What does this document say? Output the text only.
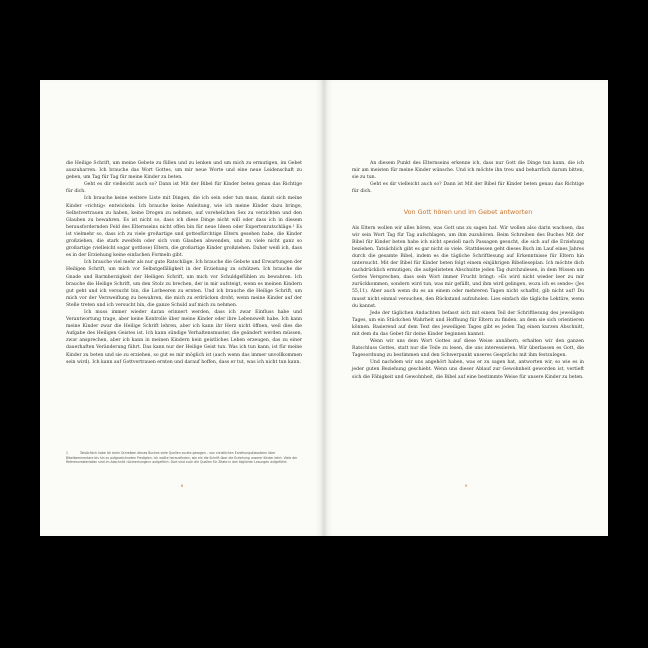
die Heilige Schrift, um meine Gebete zu füllen und zu lenken und um mich zu ermutigen, im Gebet auszuharren. Ich brauche das Wort Gottes, um mir neue Worte und eine neue Leidenschaft zu geben, um Tag für Tag für meine Kinder zu beten.

Geht es dir vielleicht auch so? Dann ist Mit der Bibel für Kinder beten genau das Richtige für dich.

Ich brauche keine weitere Liste mit Dingen, die ich sein oder tun muss, damit sich meine Kinder »richtig« entwickeln. Ich brauche keine Anleitung, wie ich meine Kinder dazu bringe, Selbstvertrauen zu haben, keine Drogen zu nehmen, auf vorehelichen Sex zu verzichten und den Glauben zu bewahren. Es ist nicht so, dass ich diese Dinge nicht will oder dass ich in diesem herausfordernden Feld des Elternseins nicht offen bin für neue Ideen oder Expertenratschläge.¹ Es ist vielmehr so, dass ich zu viele großartige und gottesfürchtige Eltern gesehen habe, die Kinder großziehen, die stark zweifeln oder sich vom Glauben abwenden, und zu viele nicht ganz so großartige (vielleicht sogar gottlose) Eltern, die großartige Kinder großziehen. Daher weiß ich, dass es in der Erziehung keine einfachen Formeln gibt.

Ich brauche viel mehr als nur gute Ratschläge. Ich brauche die Gebote und Erwartungen der Heiligen Schrift, um mich vor Selbstgefälligkeit in der Erziehung zu schützen. Ich brauche die Gnade und Barmherzigkeit der Heiligen Schrift, um mich vor Schuldgefühlen zu bewahren. Ich brauche die Heilige Schrift, um den Stolz zu brechen, der in mir aufsteigt, wenn es meinen Kindern gut geht und ich versucht bin, die Lorbeeren zu ernten. Und ich brauche die Heilige Schrift, um mich vor der Verzweiflung zu bewahren, die mich zu erdrücken droht, wenn meine Kinder auf der Stelle treten und ich versucht bin, die ganze Schuld auf mich zu nehmen.

Ich muss immer wieder daran erinnert werden, dass ich zwar Einfluss habe und Verantwortung trage, aber keine Kontrolle über meine Kinder oder ihre Lebenswelt habe. Ich kann meine Kinder zwar die Heilige Schrift lehren, aber ich kann ihr Herz nicht öffnen, weil dies die Aufgabe des Heiligen Geistes ist. Ich kann sündige Verhaltensmuster, die geändert werden müssen, zwar ansprechen, aber ich kann in meinen Kindern kein geistliches Leben erzeugen, das zu einer dauerhaften Veränderung führt. Das kann nur der Heilige Geist tun. Was ich tun kann, ist für meine Kinder zu beten und sie zu erziehen, so gut es mir möglich ist (auch wenn das immer unvollkommen sein wird). Ich kann auf Gottvertrauen ernten und darauf hoffen, dass er tut, was ich nicht tun kann.

1	Tatsächlich habe ich beim Schreiben dieses Buches viele Quellen zurate gezogen – von christlichen Erziehungsklassikern über Bibelkommentare bis hin zu aufgezeichneten Predigten. Ich wollte herausfinden, wie ein die Schrift über die Erziehung unserer Kinder lehrt. Viele der Referenzmaterialien sind im Abschnitt »Anmerkungen« aufgeführt. Dort sind auch die Quellen für Zitate in den täglichen Lesungen aufgeführt.
8

An diesem Punkt des Elternseins erkenne ich, dass nur Gott die Dinge tun kann, die ich mir am meisten für meine Kinder wünsche. Und ich möchte ihn treu und beharrlich darum bitten, sie zu tun.

Geht es dir vielleicht auch so? Dann ist Mit der Bibel für Kinder beten genau das Richtige für dich.

Von Gott hören und im Gebet antworten

Als Eltern wollen wir alles hören, was Gott uns zu sagen hat. Wir wollen also darin wachsen, das wir sein Wort Tag für Tag aufschlagen, um ihm zuzuhören. Beim Schreiben des Buches Mit der Bibel für Kinder beten habe ich nicht speziell nach Passagen gesucht, die sich auf die Erziehung beziehen. Tatsächlich gibt es gar nicht so viele. Stattdessen geht dieses Buch im Lauf eines Jahres durch die gesamte Bibel, indem es die tägliche Schriftlesung auf Erkenntnisse für Eltern hin untersucht. Mit der Bibel für Kinder beten folgt einem einjährigen Bibelleseplan. Ich möchte dich nachdrücklich ermutigen, die aufgelisteten Abschnitte jeden Tag durchzulesen, in dem Wissen um Gottes Versprechen, dass sein Wort immer Frucht bringt: »Es wird nicht wieder leer zu mir zurückkommen, sondern wird tun, was mir gefällt, und ihm wird gelingen, wozu ich es sende« (Jes 55,11). Aber auch wenn du es an einem oder mehreren Tagen nicht schaffst, gib nicht auf! Du musst nicht einmal versuchen, den Rückstand aufzuholen. Lies einfach die tägliche Lektüre, wenn du kannst.

Jede der täglichen Andachten befasst sich mit einem Teil der Schriftlesung des jeweiligen Tages, um ein Stückchen Wahrheit und Hoffnung für Eltern zu finden, an dem sie sich orientieren können. Basierend auf dem Text des jeweiligen Tages gibt es jeden Tag einen kurzen Abschnitt, mit dem du das Gebet für deine Kinder beginnen kannst.

Wenn wir uns dem Wort Gottes auf diese Weise annähern, erhalten wir den ganzen Ratschluss Gottes, statt nur die Teile zu lesen, die uns interessieren. Wir überlassen es Gott, die Tagesordnung zu bestimmen und den Schwerpunkt unseres Gesprächs mit ihm festzulegen.

Und nachdem wir uns angehört haben, was er zu sagen hat, antworten wir, so wie es in jeder guten Beziehung geschieht. Wenn uns dieser Ablauf zur Gewohnheit geworden ist, vertieft sich die Fähigkeit und Gewohnheit, die Bibel auf eine bestimmte Weise für unsere Kinder zu beten.

9
